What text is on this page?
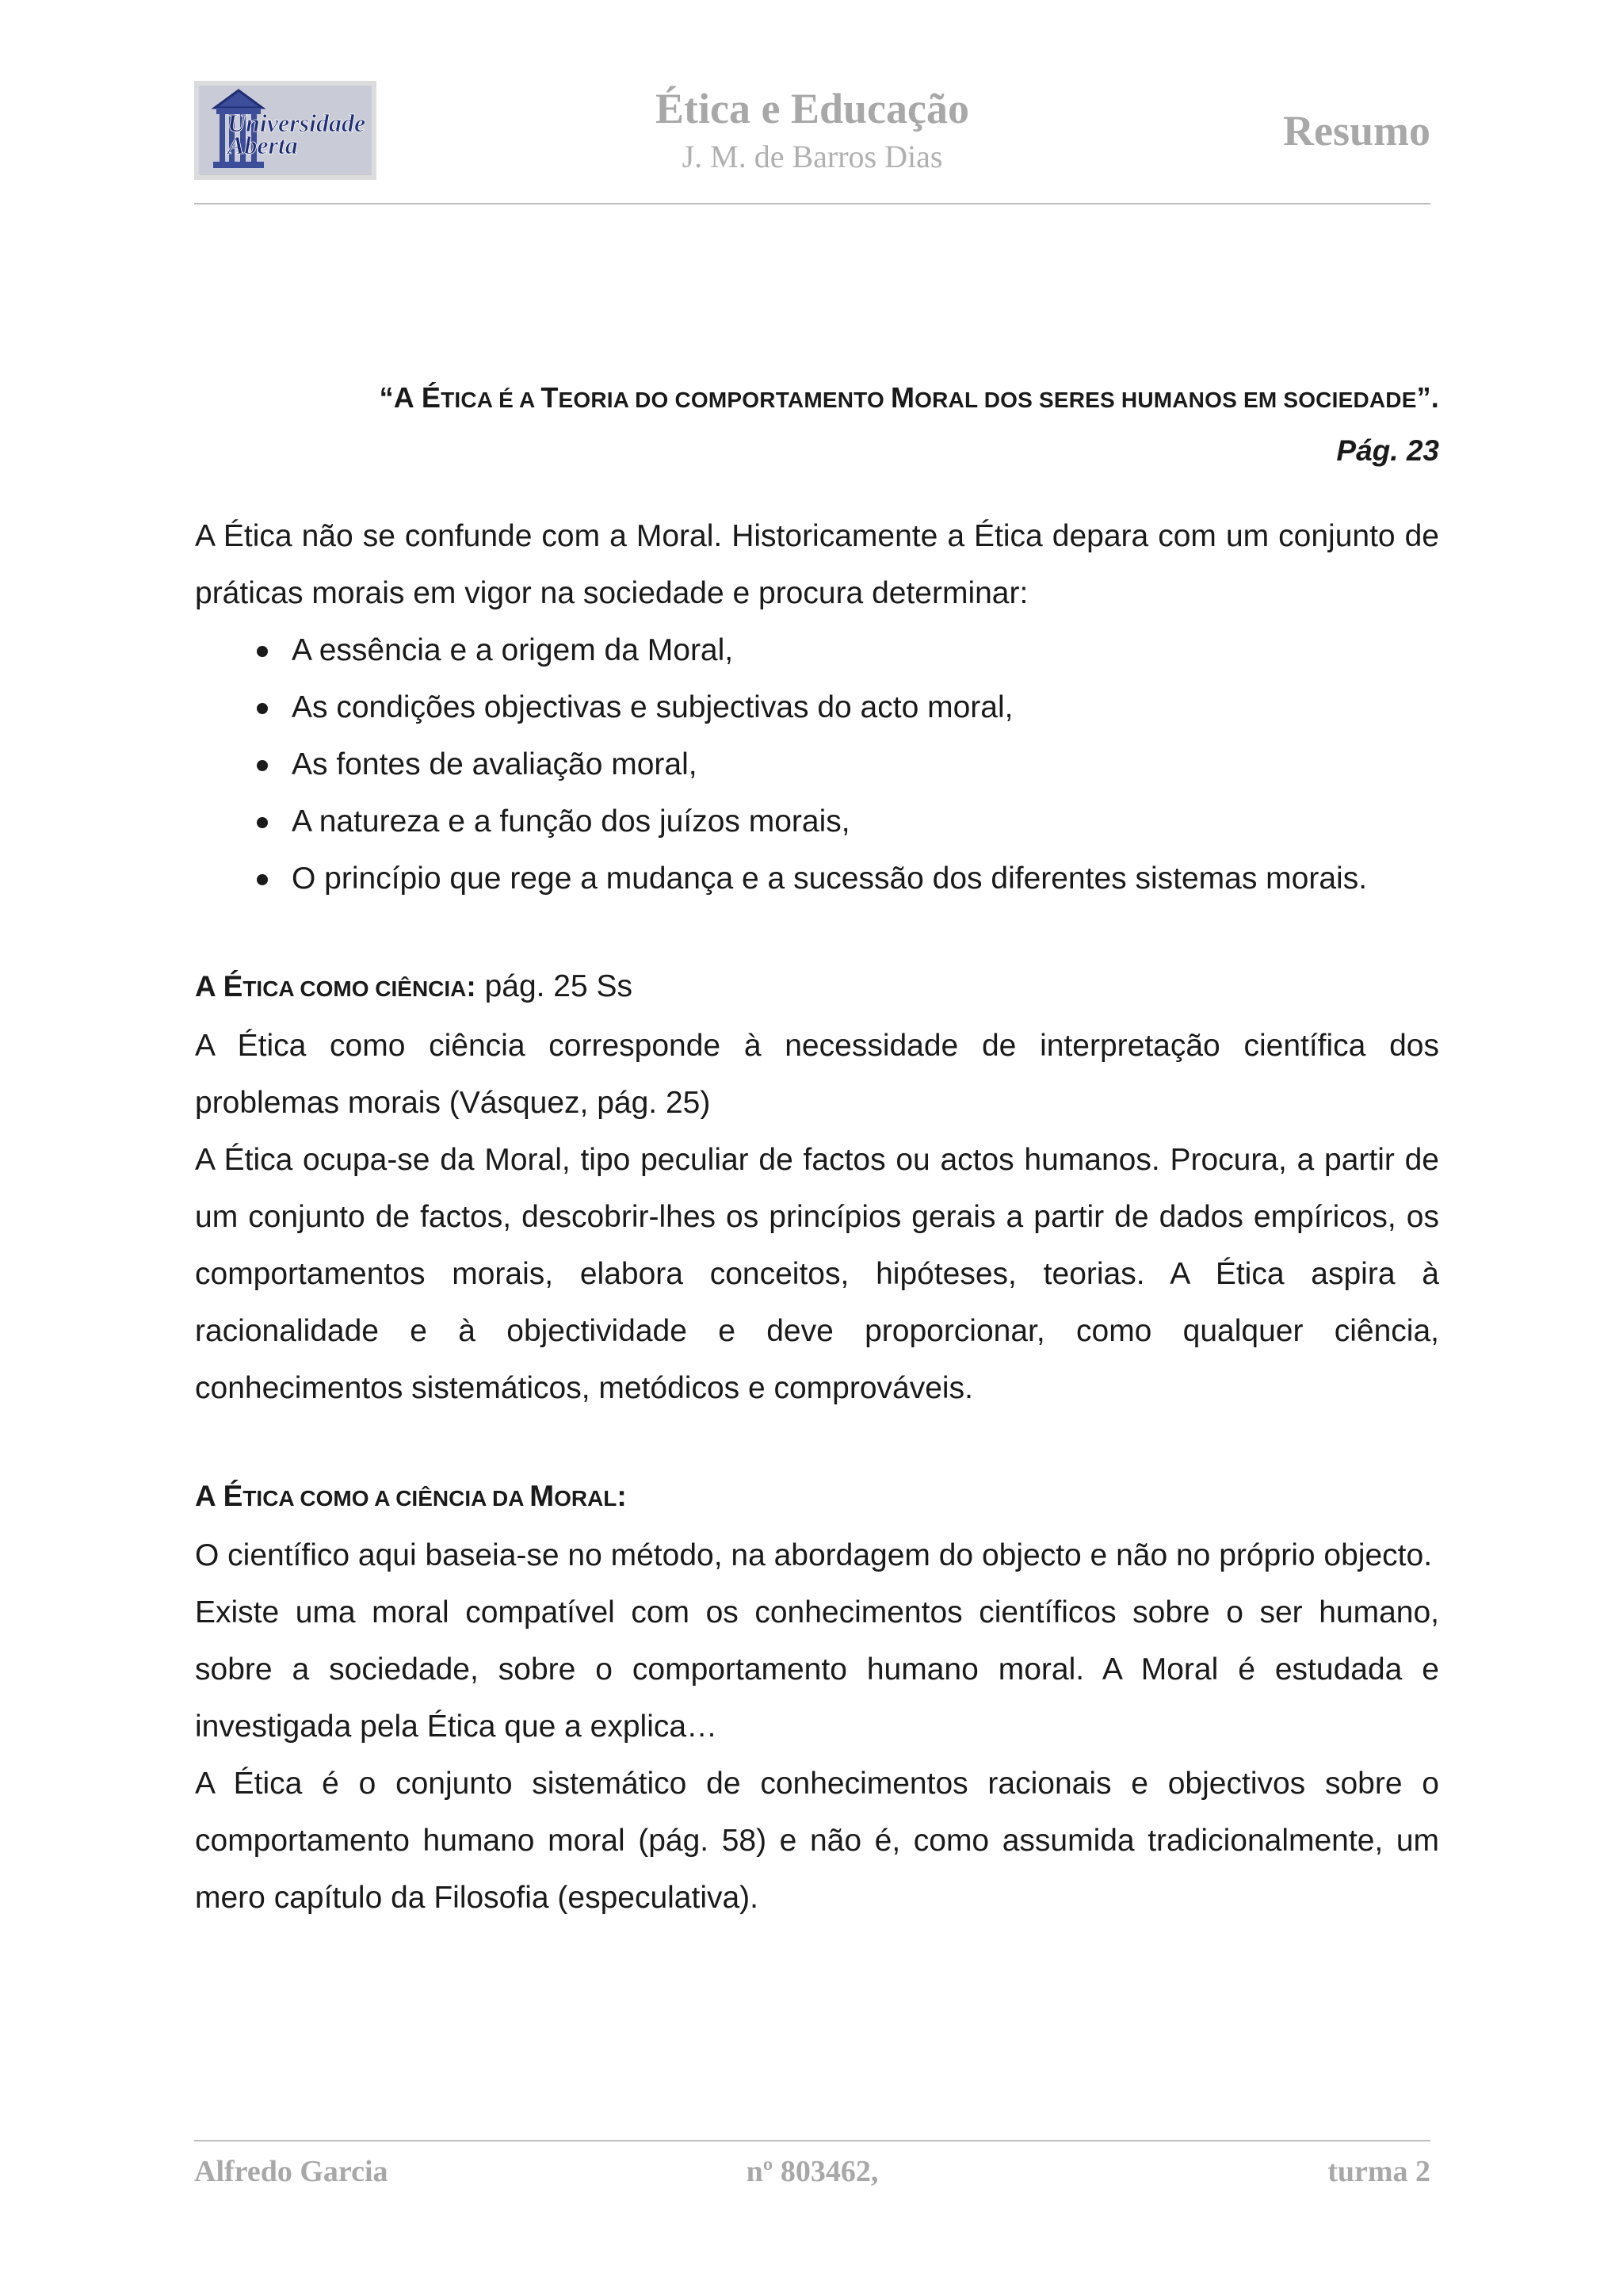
Universidade
Aberta
Ética e Educação
J. M. de Barros Dias
Resumo

“A ÉTICA É A TEORIA DO COMPORTAMENTO MORAL DOS SERES HUMANOS EM SOCIEDADE”.

Pág. 23

A Ética não se confunde com a Moral. Historicamente a Ética depara com um conjunto de práticas morais em vigor na sociedade e procura determinar:

A essência e a origem da Moral,
As condições objectivas e subjectivas do acto moral,
As fontes de avaliação moral,
A natureza e a função dos juízos morais,
O princípio que rege a mudança e a sucessão dos diferentes sistemas morais.

A ÉTICA COMO CIÊNCIA: pág. 25 Ss

A Ética como ciência corresponde à necessidade de interpretação científica dos problemas morais (Vásquez, pág. 25)

A Ética ocupa-se da Moral, tipo peculiar de factos ou actos humanos. Procura, a partir de um conjunto de factos, descobrir-lhes os princípios gerais a partir de dados empíricos, os comportamentos morais, elabora conceitos, hipóteses, teorias. A Ética aspira à racionalidade e à objectividade e deve proporcionar, como qualquer ciência, conhecimentos sistemáticos, metódicos e comprováveis.

A ÉTICA COMO A CIÊNCIA DA MORAL:

O científico aqui baseia-se no método, na abordagem do objecto e não no próprio objecto.

Existe uma moral compatível com os conhecimentos científicos sobre o ser humano, sobre a sociedade, sobre o comportamento humano moral. A Moral é estudada e investigada pela Ética que a explica…

A Ética é o conjunto sistemático de conhecimentos racionais e objectivos sobre o comportamento humano moral (pág. 58) e não é, como assumida tradicionalmente, um mero capítulo da Filosofia (especulativa).

Alfredo Garcia	nº 803462,	turma 2
